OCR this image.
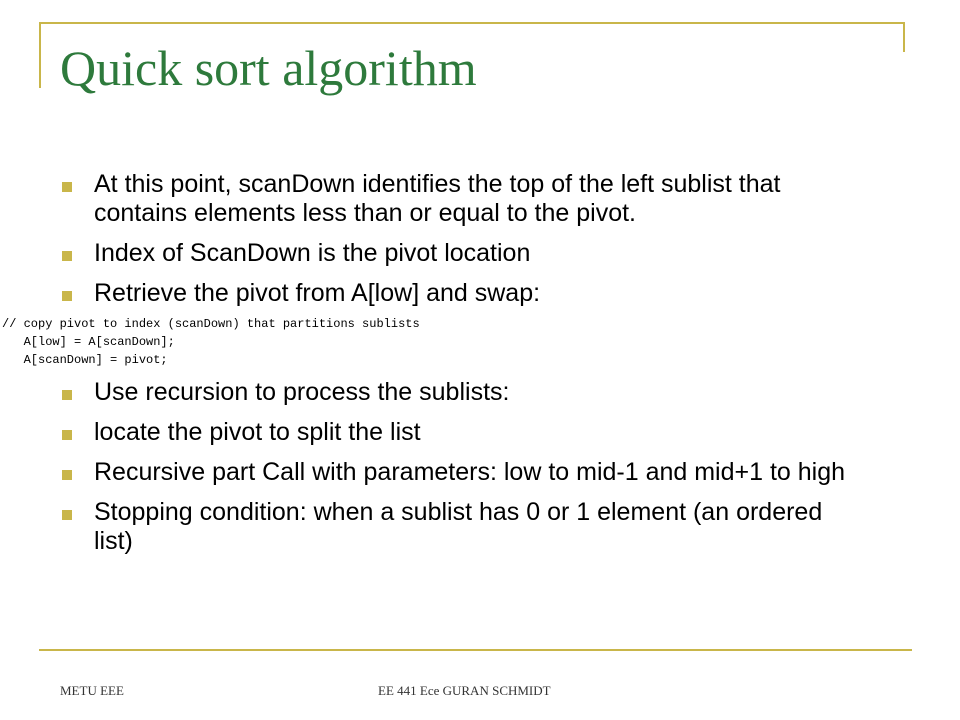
Quick sort algorithm
At this point, scanDown identifies the top of the left sublist that contains elements less than or equal to the pivot.
Index of ScanDown is the pivot location
Retrieve the pivot from A[low] and swap:
// copy pivot to index (scanDown) that partitions sublists
A[low] = A[scanDown];
A[scanDown] = pivot;
Use recursion to process the sublists:
locate the pivot to split the list
Recursive part Call with parameters: low to mid-1 and mid+1 to high
Stopping condition: when a sublist has 0 or 1 element (an ordered list)
METU EEE	EE 441 Ece GURAN SCHMIDT
